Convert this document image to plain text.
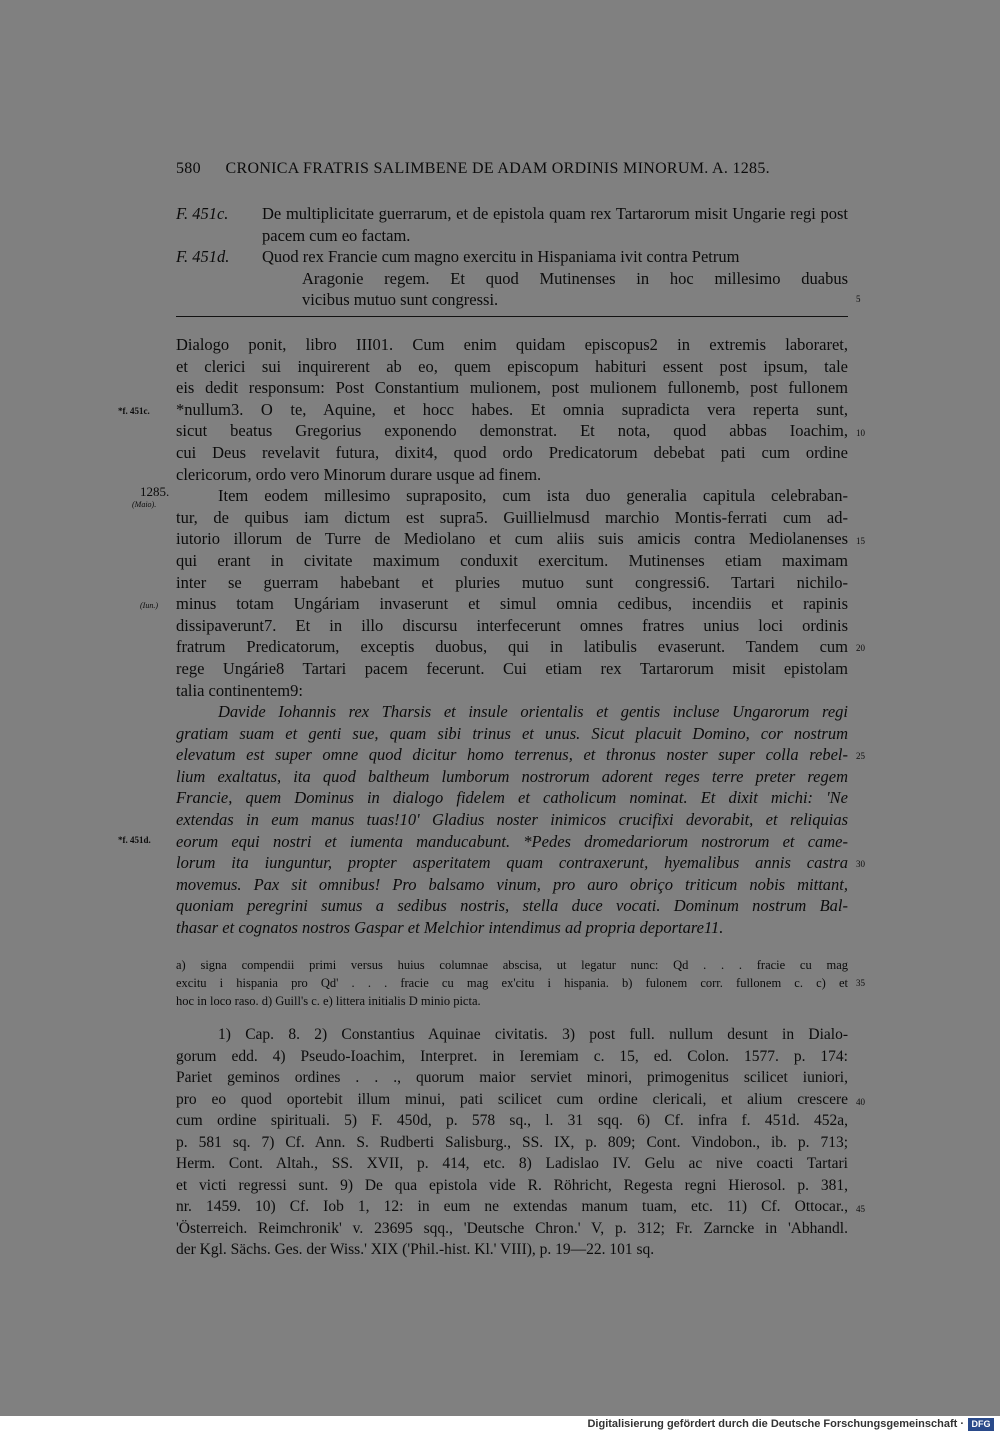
580 CRONICA FRATRIS SALIMBENE DE ADAM ORDINIS MINORUM. A. 1285.
F. 451c. De multiplicitate guerrarum, et de epistola quam rex Tartarorum misit Ungarie regi post pacem cum eo factam.
F. 451d. Quod rex Francie cum magno exercitu in Hispaniama ivit contra Petrum
Aragonie regem. Et quod Mutinenses in hoc millesimo duabus
vicibus mutuo sunt congressi.
Dialogo ponit, libro III01. Cum enim quidam episcopus2 in extremis laboraret,
et clerici sui inquirerent ab eo, quem episcopum habituri essent post ipsum, tale
eis dedit responsum: Post Constantium mulionem, post mulionem fullonemb, post fullonem
*nullum3. O te, Aquine, et hocc habes. Et omnia supradicta vera reperta sunt,
sicut beatus Gregorius exponendo demonstrat. Et nota, quod abbas Ioachim,
cui Deus revelavit futura, dixit4, quod ordo Predicatorum debebat pati cum ordine
clericorum, ordo vero Minorum durare usque ad finem.
Item eodem millesimo suprapositο, cum ista duo generalia capitula celebraban-
tur, de quibus iam dictum est supra5. Guillielmusd marchio Montis-ferrati cum ad-
iutorio illorum de Turre de Mediolano et cum aliis suis amicis contra Mediolanenses
qui erant in civitate maximum conduxit exercitum. Mutinenses etiam maximam
inter se guerram habebant et pluries mutuo sunt congressi6. Tartari nichilo-
minus totam Ungáriam invaserunt et simul omnia cedibus, incendiis et rapinis
dissipaverunt7. Et in illo discursu interfecerunt omnes fratres unius loci ordinis
fratrum Predicatorum, exceptis duobus, qui in latibulis evaserunt. Tandem cum
rege Ungárie8 Tartari pacem fecerunt. Cui etiam rex Tartarorum misit epistolam
talia continentem9:
Davide Iohannis rex Tharsis et insule orientalis et gentis incluse Ungarorum regi
gratiam suam et genti sue, quam sibi trinus et unus. Sicut placuit Domino, cor nostrum
elevatum est super omne quod dicitur homo terrenus, et thronus noster super colla rebel-
lium exaltatus, ita quod baltheum lumborum nostrorum adorent reges terre preter regem
Francie, quem Dominus in dialogo fidelem et catholicum nominat. Et dixit michi: 'Ne
extendas in eum manus tuas!10' Gladius noster inimicos crucifixi devorabit, et reliquias
eorum equi nostri et iumenta manducabunt. *Pedes dromedariorum nostrorum et came-
lorum ita iunguntur, propter asperitatem quam contraxerunt, hyemalibus annis castra
movemus. Pax sit omnibus! Pro balsamo vinum, pro auro obriço triticum nobis mittant,
quoniam peregrini sumus a sedibus nostris, stella duce vocati. Dominum nostrum Bal-
thasar et cognatos nostros Gaspar et Melchior intendimus ad propria deportare11.
5
10
15
20
25
30
35
40
45
*f. 451c.
1285.
(Maio).
(Iun.)
*f. 451d.
a) signa compendii primi versus huius columnae abscisa, ut legatur nunc: Qd . . . fracie cu mag
excitu i hispania pro Qd' . . . fracie cu mag ex'citu i hispania. b) fulonem corr. fullonem c. c) et
hoc in loco raso. d) Guill's c. e) littera initialis D minio picta.
1) Cap. 8. 2) Constantius Aquinae civitatis. 3) post full. nullum desunt in Dialo-
gorum edd. 4) Pseudo-Ioachim, Interpret. in Ieremiam c. 15, ed. Colon. 1577. p. 174:
Pariet geminos ordines . . ., quorum maior serviet minori, primogenitus scilicet iuniori,
pro eo quod oportebit illum minui, pati scilicet cum ordine clericali, et alium crescere
cum ordine spirituali. 5) F. 450d, p. 578 sq., l. 31 sqq. 6) Cf. infra f. 451d. 452a,
p. 581 sq. 7) Cf. Ann. S. Rudberti Salisburg., SS. IX, p. 809; Cont. Vindobon., ib. p. 713;
Herm. Cont. Altah., SS. XVII, p. 414, etc. 8) Ladislao IV. Gelu ac nive coacti Tartari
et victi regressi sunt. 9) De qua epistola vide R. Röhricht, Regesta regni Hierosol. p. 381,
nr. 1459. 10) Cf. Iob 1, 12: in eum ne extendas manum tuam, etc. 11) Cf. Ottocar.,
'Österreich. Reimchronik' v. 23695 sqq., 'Deutsche Chron.' V, p. 312; Fr. Zarncke in 'Abhandl.
der Kgl. Sächs. Ges. der Wiss.' XIX ('Phil.-hist. Kl.' VIII), p. 19—22. 101 sq.
Digitalisierung gefördert durch die Deutsche Forschungsgemeinschaft · DFG
